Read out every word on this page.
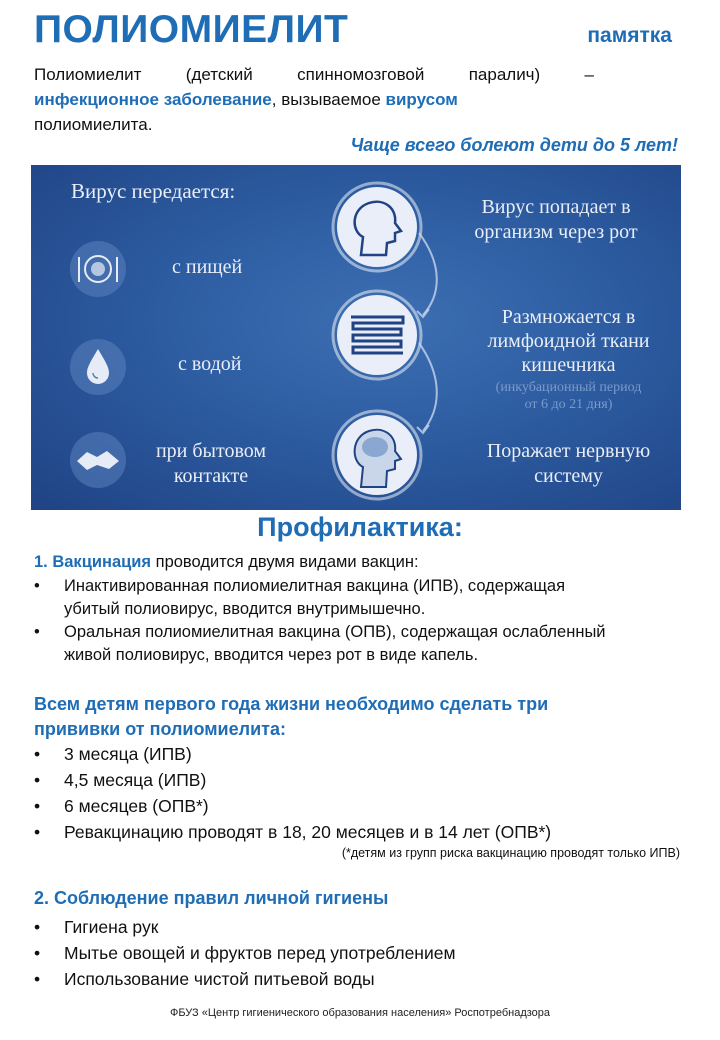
ПОЛИОМИЕЛИТ	памятка
Полиомиелит (детский спинномозговой паралич) –
инфекционное заболевание, вызываемое вирусом
полиомиелита.
Чаще всего болеют дети до 5 лет!
Вирус передается:
с пищей
с водой
при бытовом
контакте
Вирус попадает в
организм через рот
Размножается в
лимфоидной ткани
кишечника
(инкубационный период
от 6 до 21 дня)
Поражает нервную
систему
Профилактика:
1. Вакцинация проводится двумя видами вакцин:
• Инактивированная полиомиелитная вакцина (ИПВ), содержащая
убитый полиовирус, вводится внутримышечно.
• Оральная полиомиелитная вакцина (ОПВ), содержащая ослабленный
живой полиовирус, вводится через рот в виде капель.
Всем детям первого года жизни необходимо сделать три
прививки от полиомиелита:
• 3 месяца (ИПВ)
• 4,5 месяца (ИПВ)
• 6 месяцев (ОПВ*)
• Ревакцинацию проводят в 18, 20 месяцев и в 14 лет (ОПВ*)
(*детям из групп риска вакцинацию проводят только ИПВ)
2. Соблюдение правил личной гигиены
• Гигиена рук
• Мытье овощей и фруктов перед употреблением
• Использование чистой питьевой воды
ФБУЗ «Центр гигиенического образования населения» Роспотребнадзора
